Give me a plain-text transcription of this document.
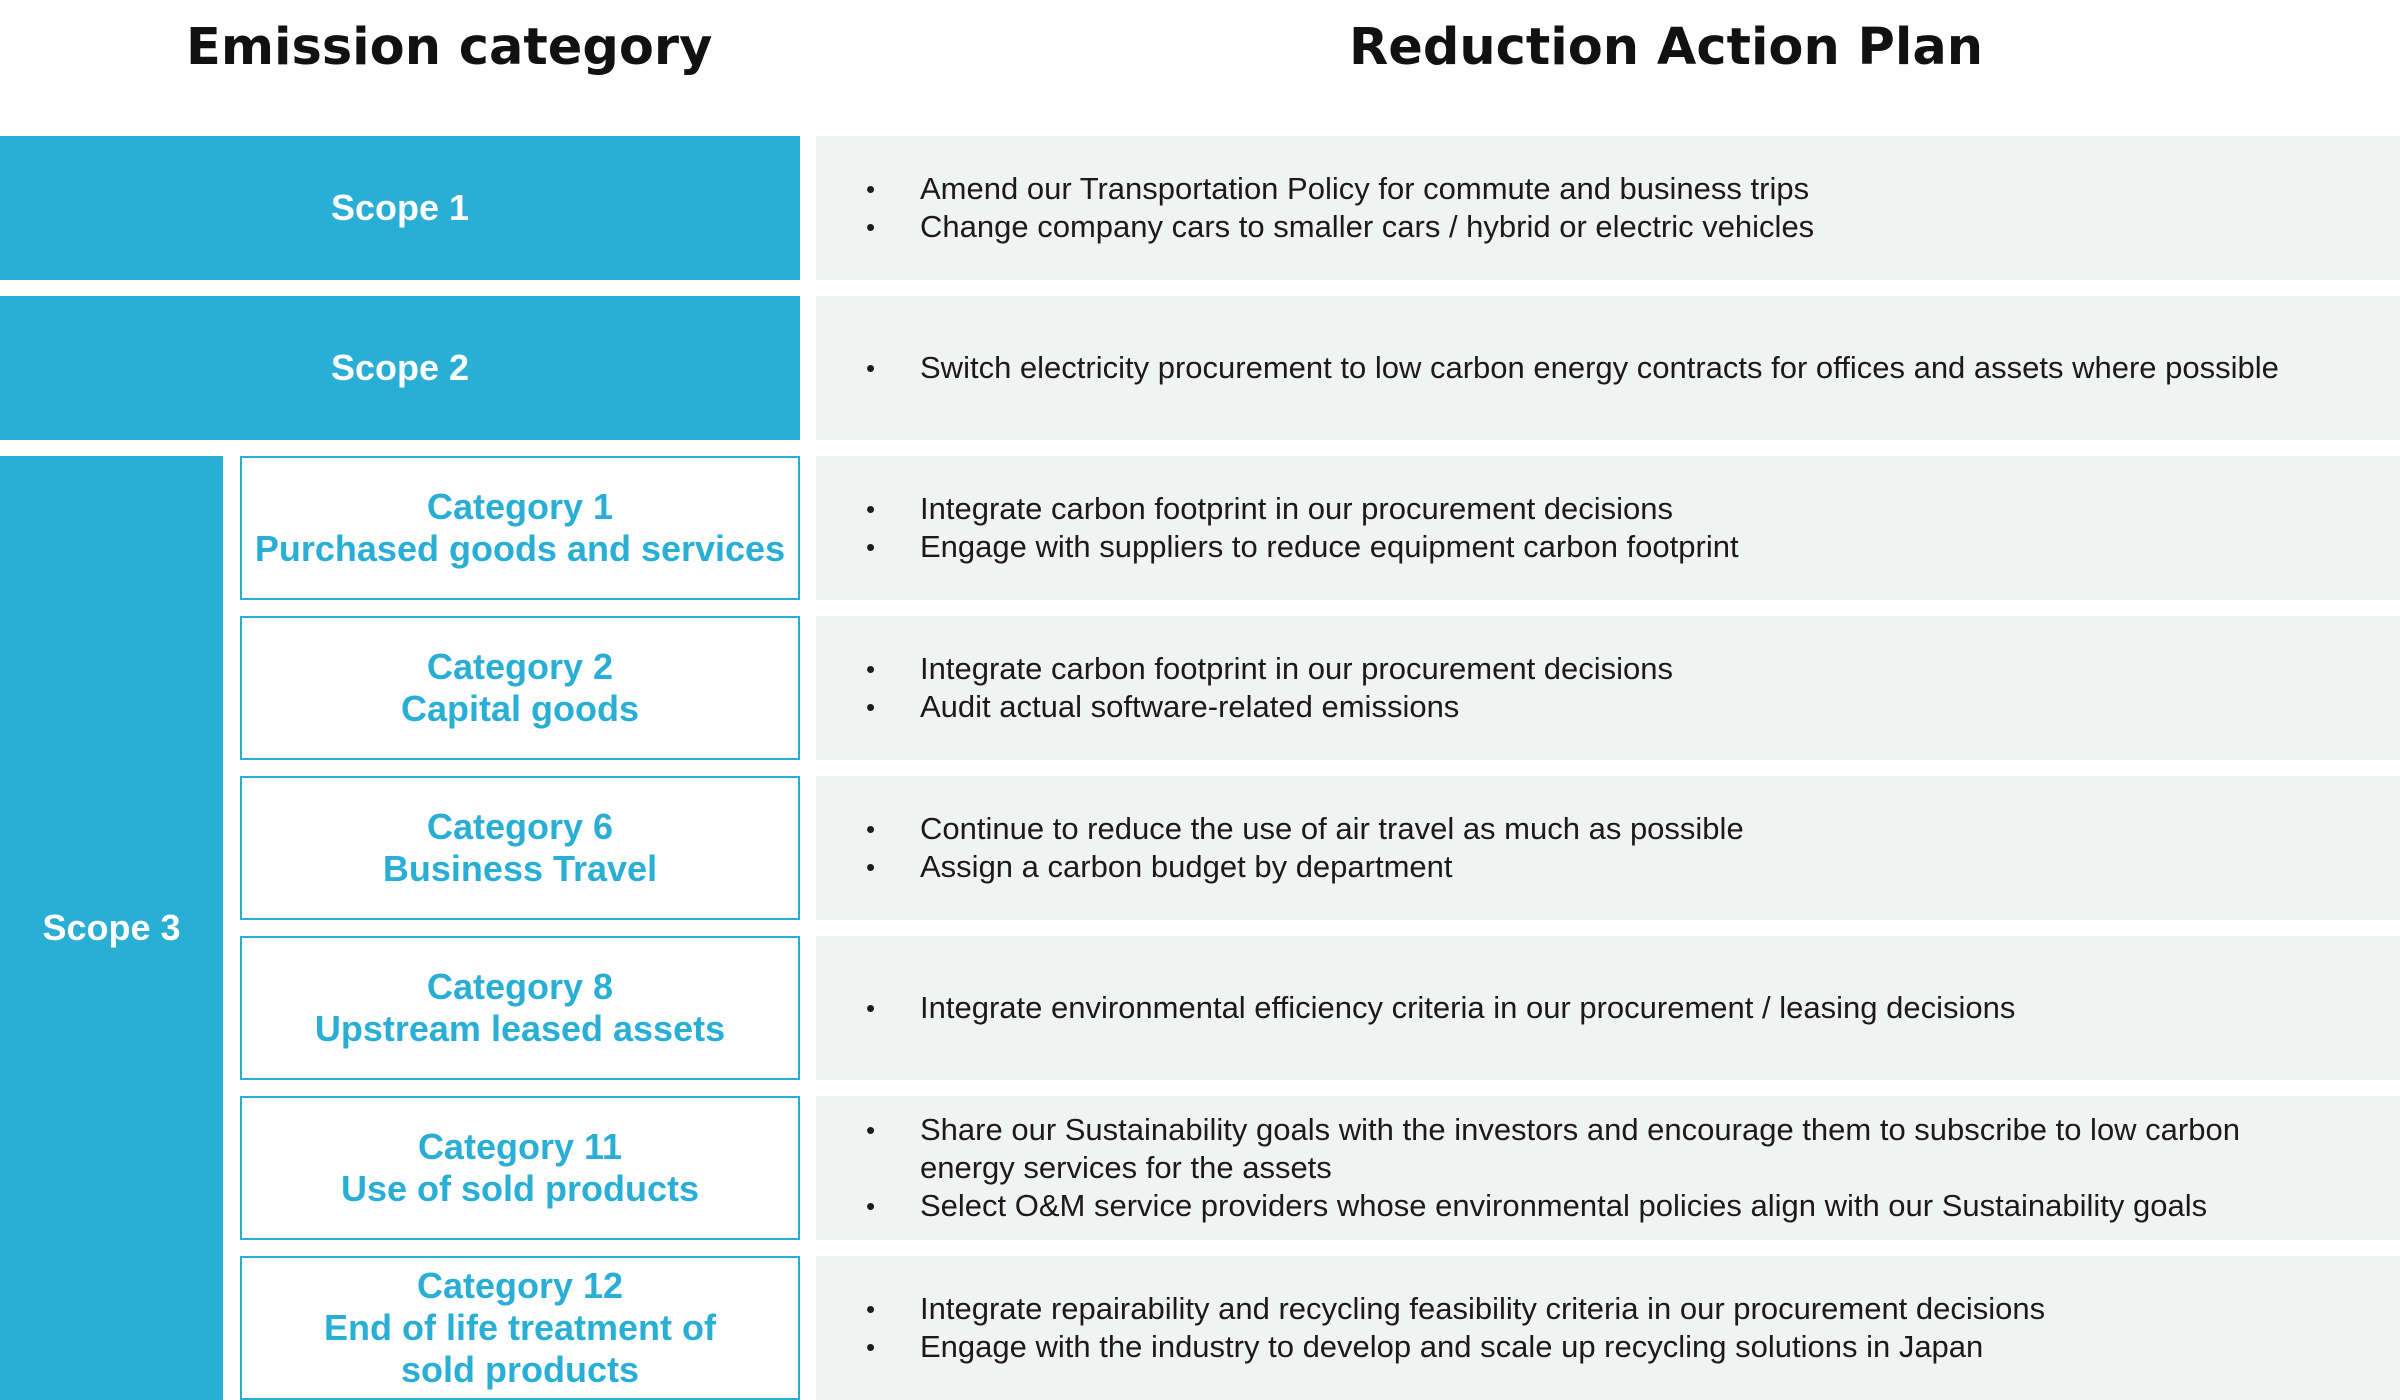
Emission category	Reduction Action Plan
Scope 1
Scope 2
Scope 3
Category 1
Purchased goods and services
Category 2
Capital goods
Category 6
Business Travel
Category 8
Upstream leased assets
Category 11
Use of sold products
Category 12
End of life treatment of
sold products
• Amend our Transportation Policy for commute and business trips
• Change company cars to smaller cars / hybrid or electric vehicles
• Switch electricity procurement to low carbon energy contracts for offices and assets where possible
• Integrate carbon footprint in our procurement decisions
• Engage with suppliers to reduce equipment carbon footprint
• Integrate carbon footprint in our procurement decisions
• Audit actual software-related emissions
• Continue to reduce the use of air travel as much as possible
• Assign a carbon budget by department
• Integrate environmental efficiency criteria in our procurement / leasing decisions
• Share our Sustainability goals with the investors and encourage them to subscribe to low carbon energy services for the assets
• Select O&M service providers whose environmental policies align with our Sustainability goals
• Integrate repairability and recycling feasibility criteria in our procurement decisions
• Engage with the industry to develop and scale up recycling solutions in Japan
